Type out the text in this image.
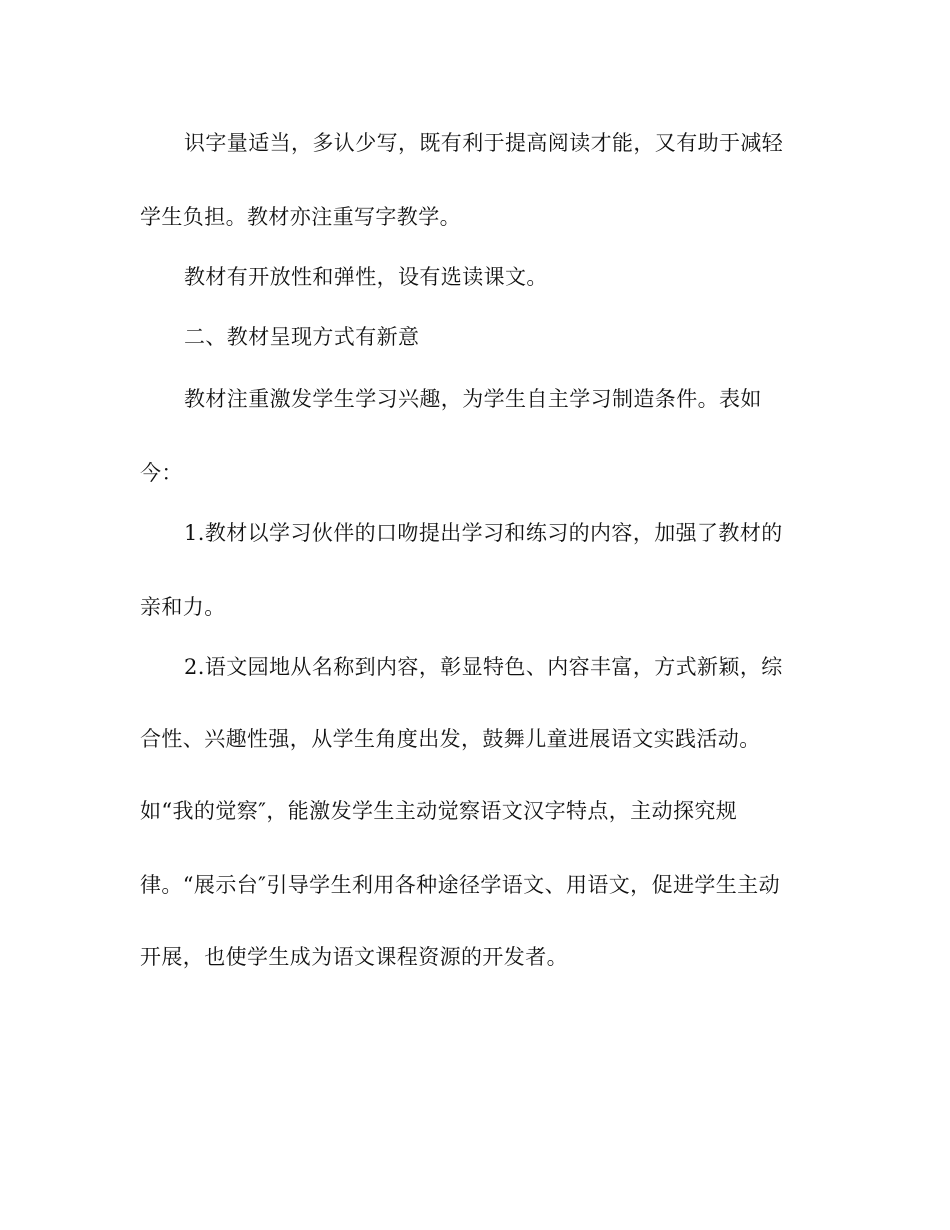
识字量适当，多认少写，既有利于提高阅读才能，又有助于减轻
学生负担。教材亦注重写字教学。
教材有开放性和弹性，设有选读课文。
二、教材呈现方式有新意
教材注重激发学生学习兴趣，为学生自主学习制造条件。表如
今：
1.教材以学习伙伴的口吻提出学习和练习的内容，加强了教材的
亲和力。
2.语文园地从名称到内容，彰显特色、内容丰富，方式新颖，综
合性、兴趣性强，从学生角度出发，鼓舞儿童进展语文实践活动。
如“我的觉察″，能激发学生主动觉察语文汉字特点，主动探究规
律。“展示台″引导学生利用各种途径学语文、用语文，促进学生主动
开展，也使学生成为语文课程资源的开发者。
